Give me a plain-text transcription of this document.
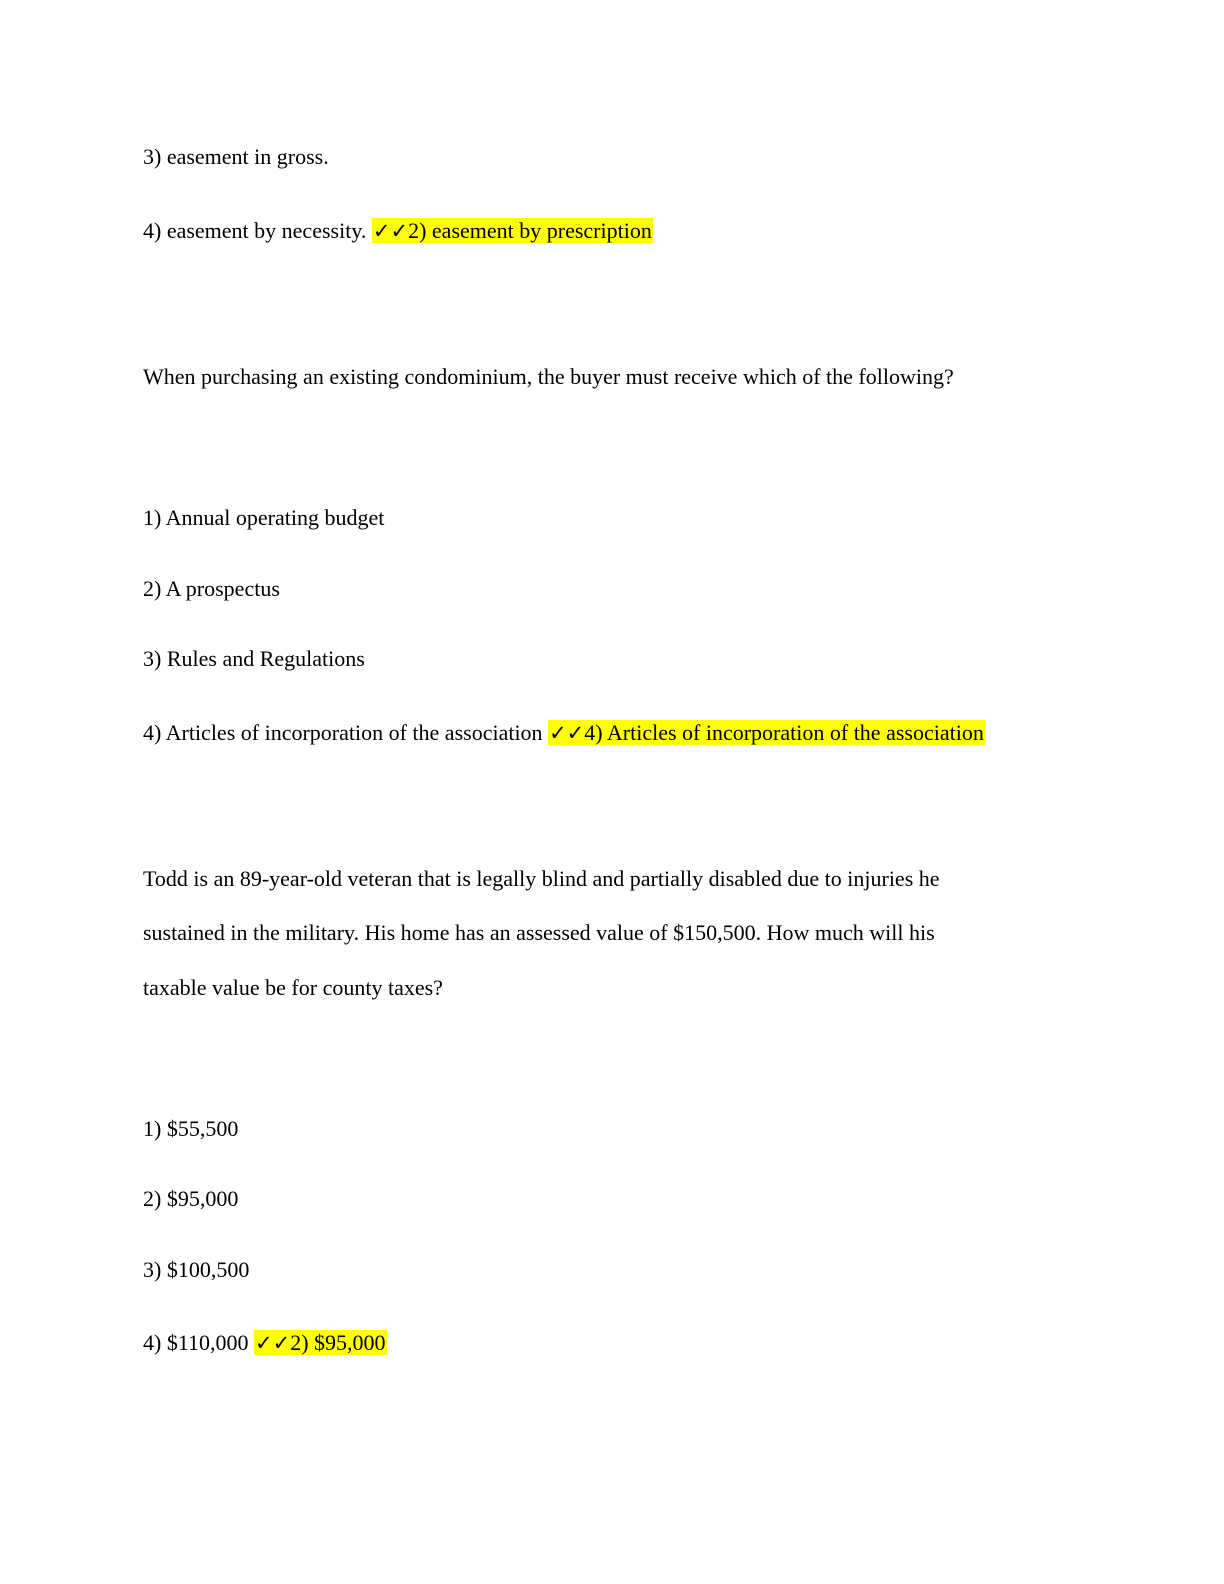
3) easement in gross.
4) easement by necessity. ✓✓2) easement by prescription
When purchasing an existing condominium, the buyer must receive which of the following?
1) Annual operating budget
2) A prospectus
3) Rules and Regulations
4) Articles of incorporation of the association ✓✓4) Articles of incorporation of the association
Todd is an 89-year-old veteran that is legally blind and partially disabled due to injuries he
sustained in the military. His home has an assessed value of $150,500. How much will his
taxable value be for county taxes?
1) $55,500
2) $95,000
3) $100,500
4) $110,000 ✓✓2) $95,000
